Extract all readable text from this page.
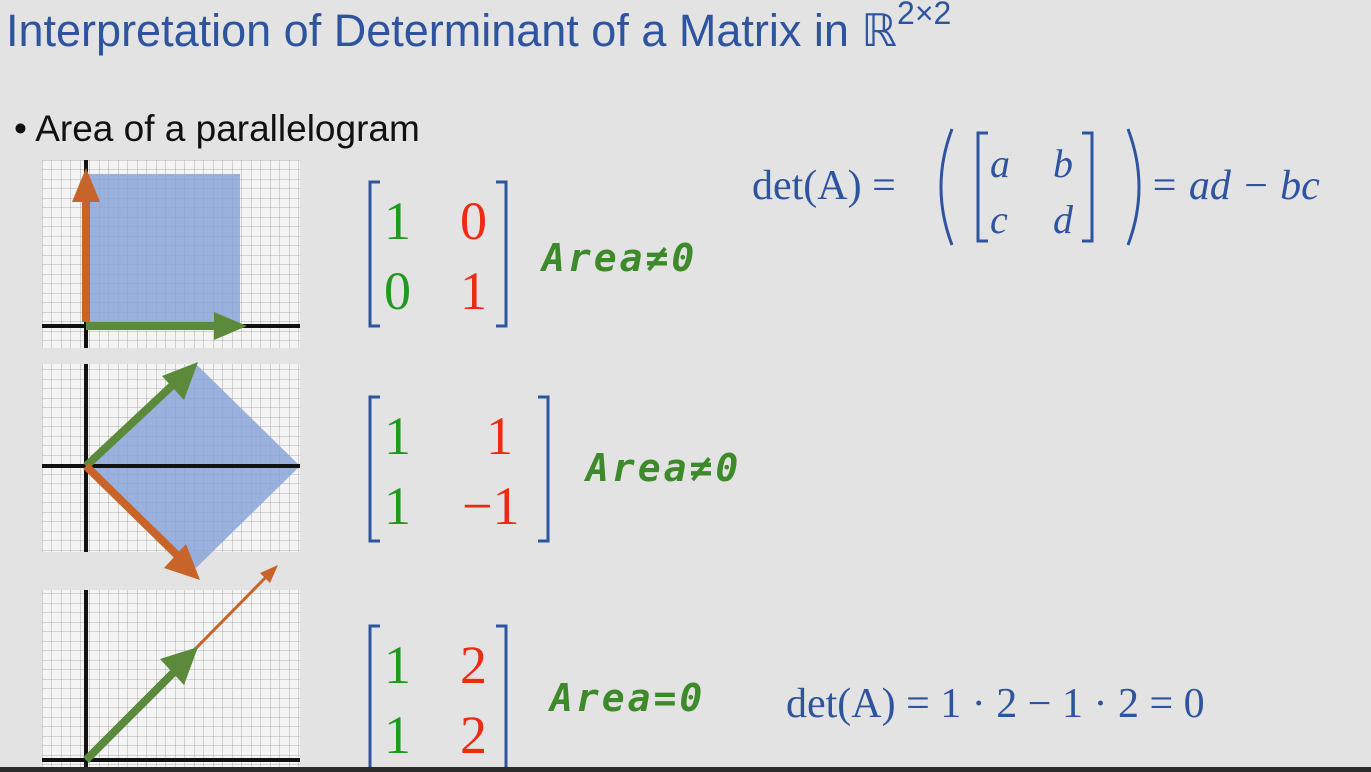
Interpretation of Determinant of a Matrix in ℝ$^{2\times 2}$
• Area of a parallelogram
det(A) = a b
c d
= ad − bc
1 0
0 1
Area≠0
1 1
1 −1
Area≠0
1 2
1 2
Area=0 det(A) = 1 · 2 − 1 · 2 = 0
